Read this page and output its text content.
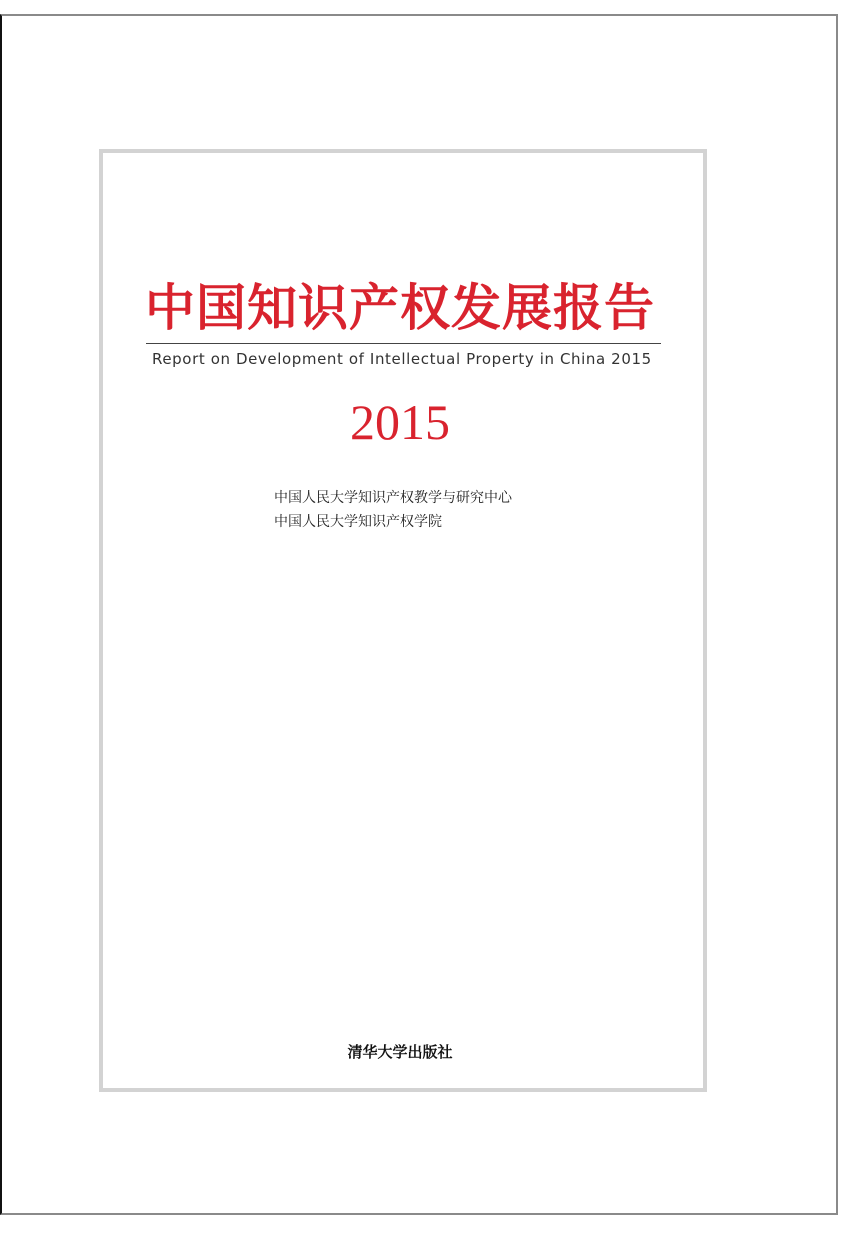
中国知识产权发展报告
Report on Development of Intellectual Property in China 2015
2015
中国人民大学知识产权教学与研究中心
中国人民大学知识产权学院
清华大学出版社
